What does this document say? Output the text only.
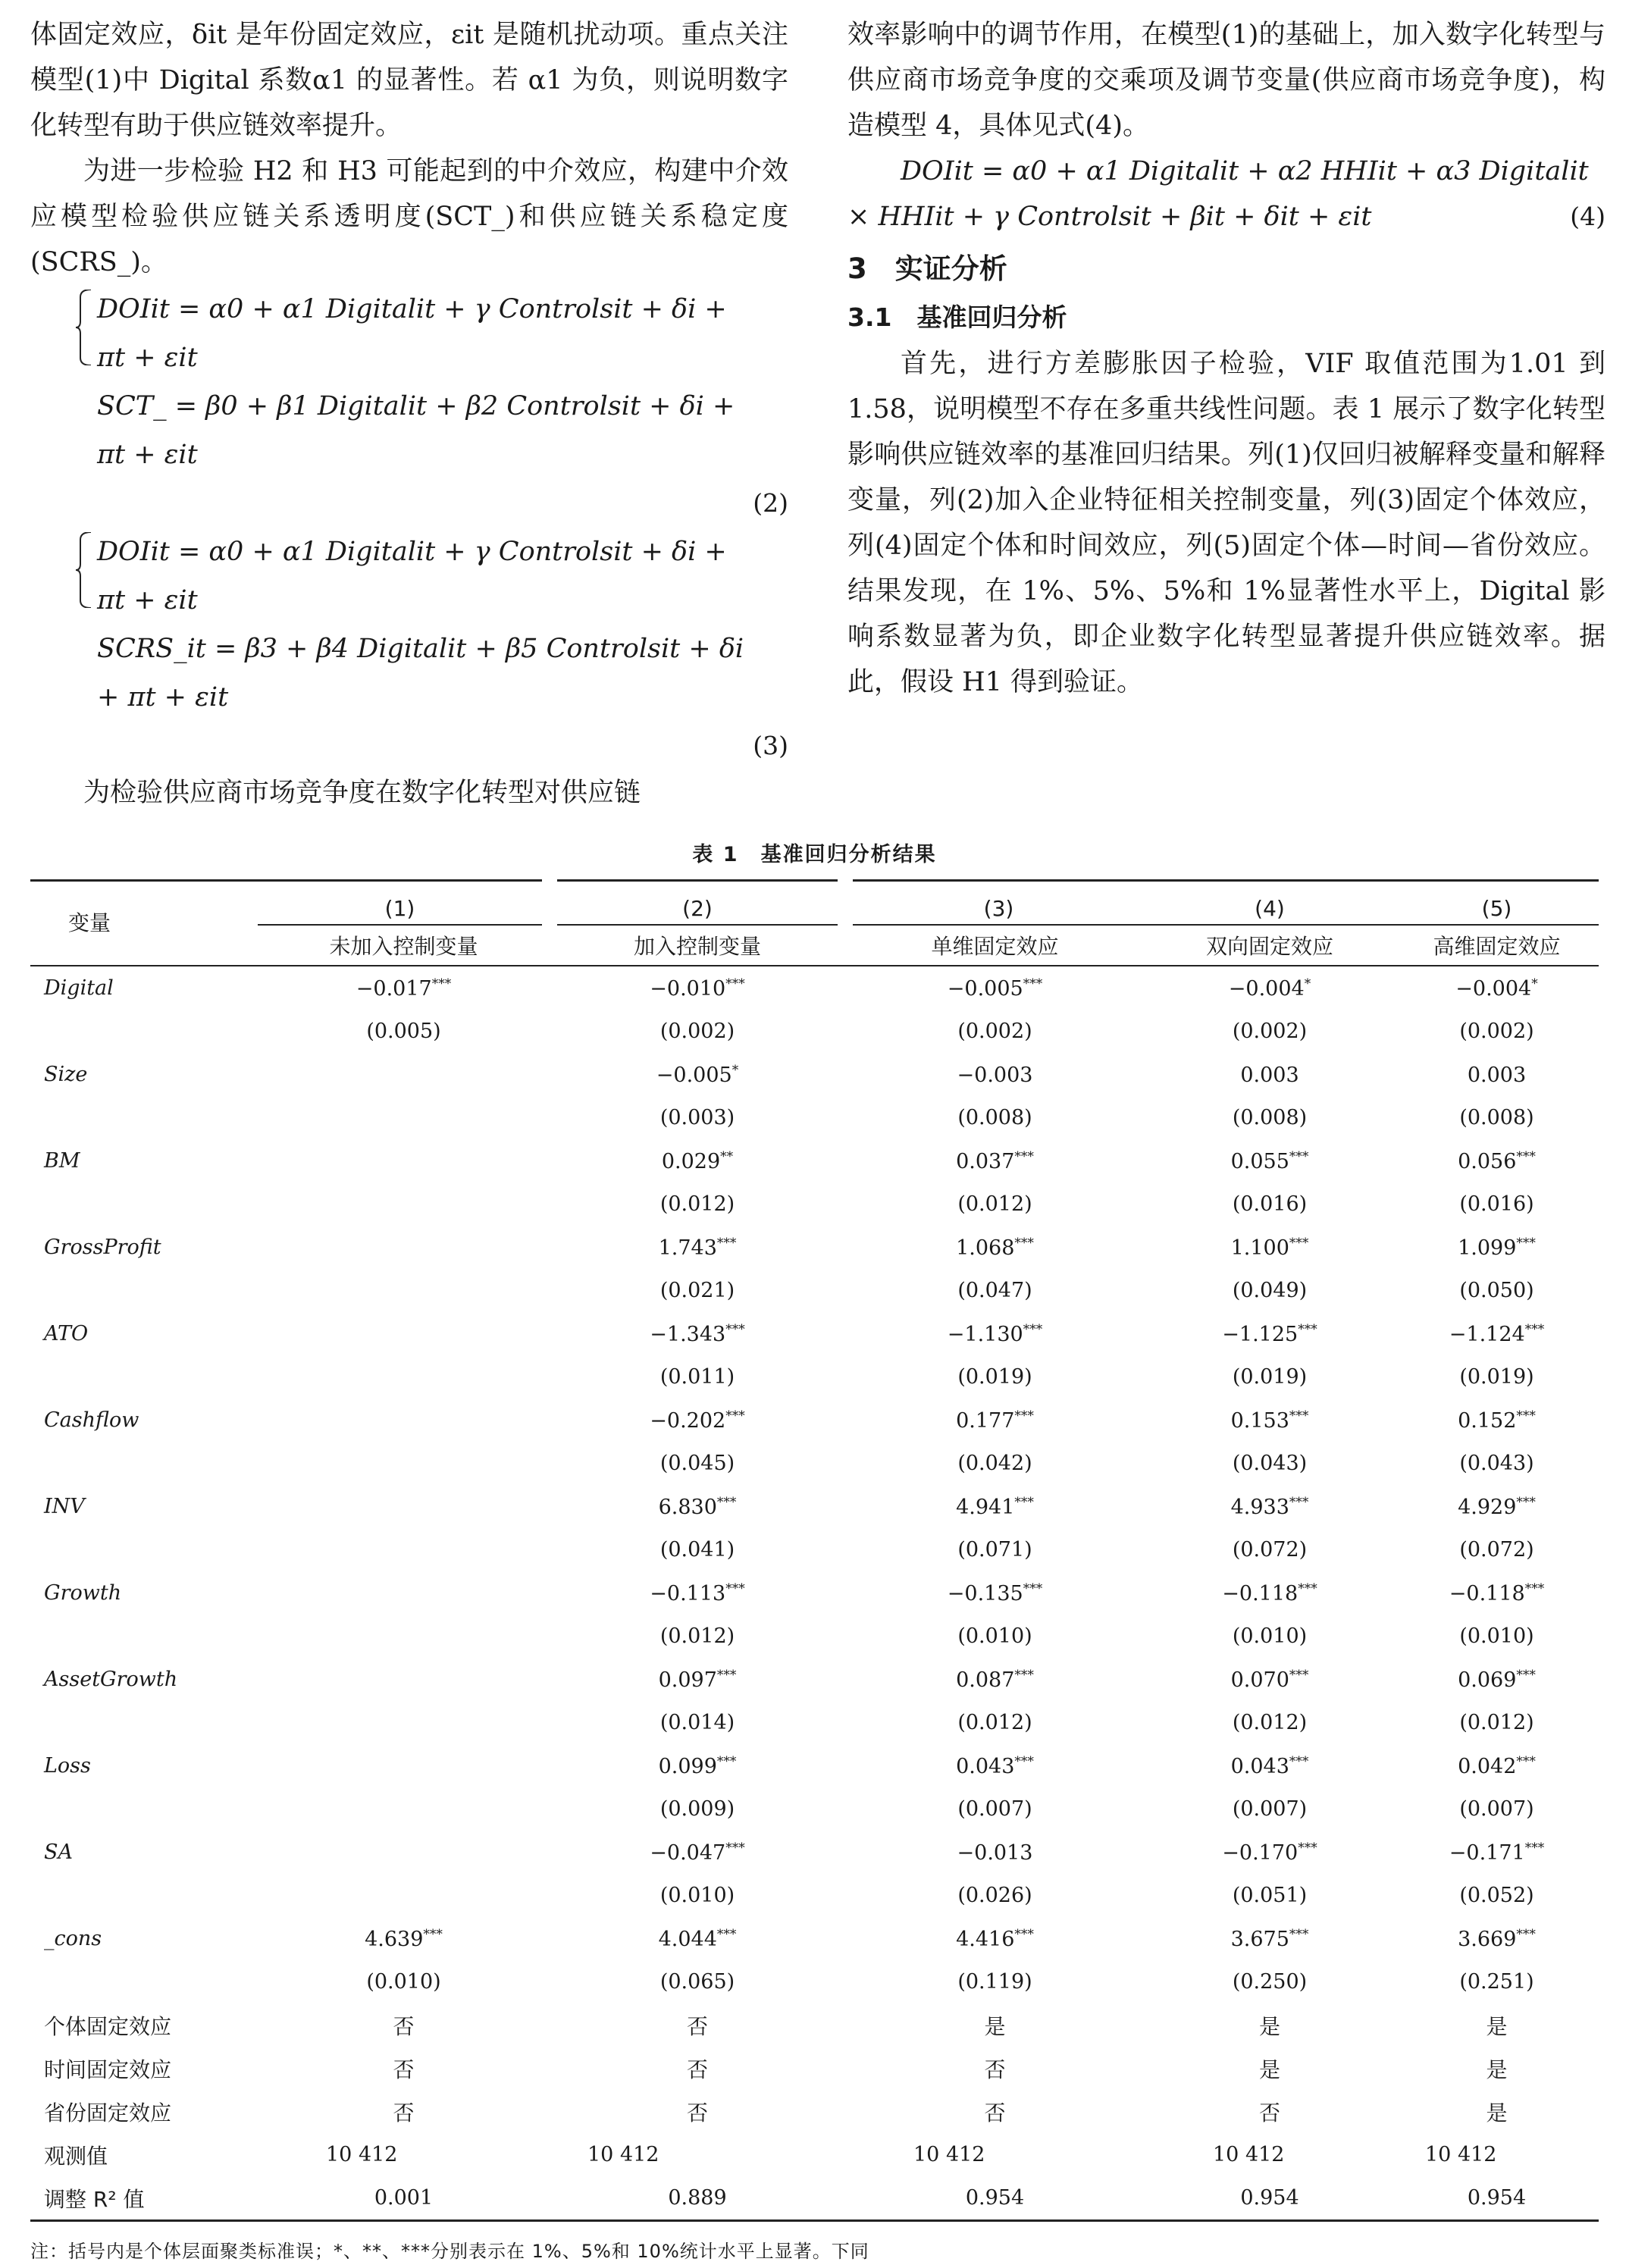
体固定效应，δit 是年份固定效应，εit 是随机扰动项。重点关注模型(1)中 Digital 系数α1 的显著性。若 α1 为负，则说明数字化转型有助于供应链效率提升。

为进一步检验 H2 和 H3 可能起到的中介效应，构建中介效应模型检验供应链关系透明度(SCT_)和供应链关系稳定度(SCRS_)。

DOIit = α0 + α1 Digitalit + γ Controlsit + δi +
πt + εit
SCT_ = β0 + β1 Digitalit + β2 Controlsit + δi +
πt + εit
(2)
DOIit = α0 + α1 Digitalit + γ Controlsit + δi +
πt + εit
SCRS_it = β3 + β4 Digitalit + β5 Controlsit + δi
+ πt + εit
(3)

为检验供应商市场竞争度在数字化转型对供应链

效率影响中的调节作用，在模型(1)的基础上，加入数字化转型与供应商市场竞争度的交乘项及调节变量(供应商市场竞争度)，构造模型 4，具体见式(4)。

DOIit = α0 + α1 Digitalit + α2 HHIit + α3 Digitalit
× HHIit + γ Controlsit + βit + δit + εit	(4)
3　实证分析
3.1　基准回归分析

首先，进行方差膨胀因子检验，VIF 取值范围为1.01 到 1.58，说明模型不存在多重共线性问题。表 1 展示了数字化转型影响供应链效率的基准回归结果。列(1)仅回归被解释变量和解释变量，列(2)加入企业特征相关控制变量，列(3)固定个体效应，列(4)固定个体和时间效应，列(5)固定个体—时间—省份效应。结果发现，在 1%、5%、5%和 1%显著性水平上，Digital 影响系数显著为负，即企业数字化转型显著提升供应链效率。据此，假设 H1 得到验证。

表 1　基准回归分析结果
变量	(1)	(2)	(3)	(4)	(5)
	未加入控制变量	加入控制变量	单维固定效应	双向固定效应	高维固定效应
Digital	−0.017***	−0.010***	−0.005***	−0.004*	−0.004*
	(0.005)	(0.002)	(0.002)	(0.002)	(0.002)
Size		−0.005*	−0.003	0.003	0.003
		(0.003)	(0.008)	(0.008)	(0.008)
BM		0.029**	0.037***	0.055***	0.056***
		(0.012)	(0.012)	(0.016)	(0.016)
GrossProfit		1.743***	1.068***	1.100***	1.099***
		(0.021)	(0.047)	(0.049)	(0.050)
ATO		−1.343***	−1.130***	−1.125***	−1.124***
		(0.011)	(0.019)	(0.019)	(0.019)
Cashflow		−0.202***	0.177***	0.153***	0.152***
		(0.045)	(0.042)	(0.043)	(0.043)
INV		6.830***	4.941***	4.933***	4.929***
		(0.041)	(0.071)	(0.072)	(0.072)
Growth		−0.113***	−0.135***	−0.118***	−0.118***
		(0.012)	(0.010)	(0.010)	(0.010)
AssetGrowth		0.097***	0.087***	0.070***	0.069***
		(0.014)	(0.012)	(0.012)	(0.012)
Loss		0.099***	0.043***	0.043***	0.042***
		(0.009)	(0.007)	(0.007)	(0.007)
SA		−0.047***	−0.013	−0.170***	−0.171***
		(0.010)	(0.026)	(0.051)	(0.052)
_cons	4.639***	4.044***	4.416***	3.675***	3.669***
	(0.010)	(0.065)	(0.119)	(0.250)	(0.251)
个体固定效应	否	否	是	是	是
时间固定效应	否	否	否	是	是
省份固定效应	否	否	否	否	是
观测值	10 412	10 412	10 412	10 412	10 412
调整 R² 值	0.001	0.889	0.954	0.954	0.954
注：括号内是个体层面聚类标准误；*、**、***分别表示在 1%、5%和 10%统计水平上显著。下同
